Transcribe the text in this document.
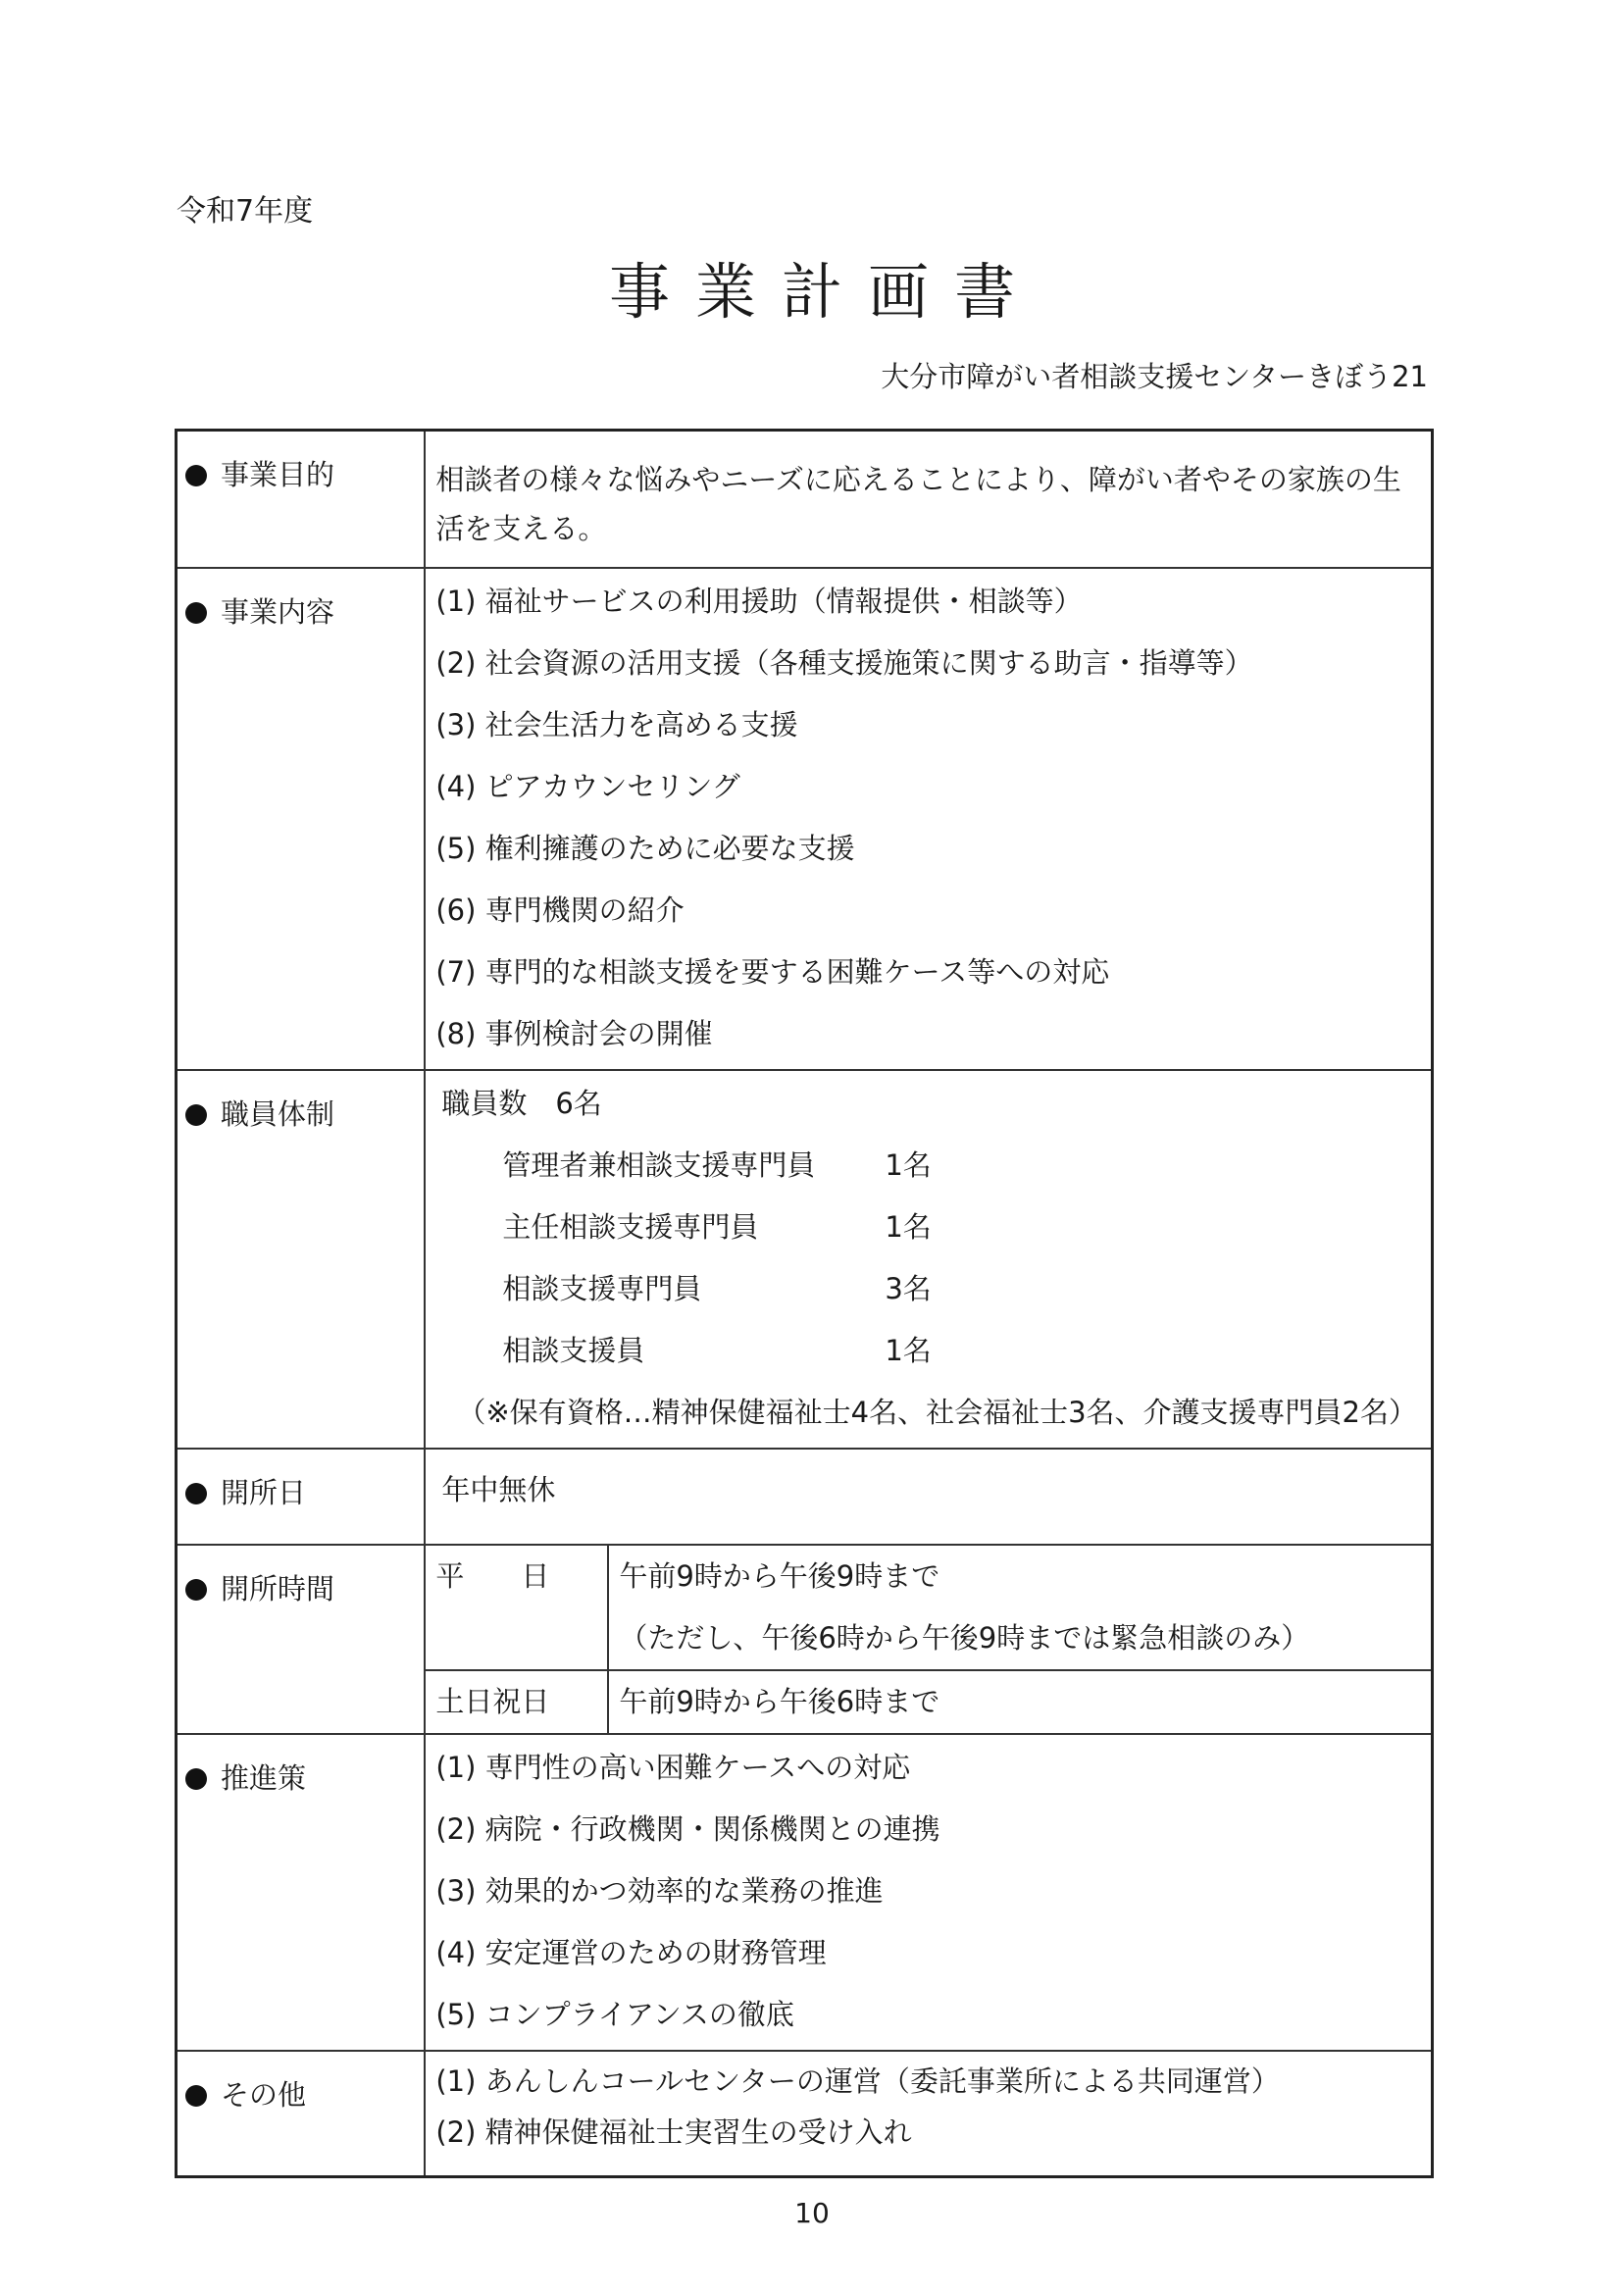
令和7年度
事業計画書
大分市障がい者相談支援センターきぼう21
事業目的	相談者の様々な悩みやニーズに応えることにより、障がい者やその家族の生活を支える。

事業内容	(1) 福祉サービスの利用援助（情報提供・相談等）
(2) 社会資源の活用支援（各種支援施策に関する助言・指導等）
(3) 社会生活力を高める支援
(4) ピアカウンセリング
(5) 権利擁護のために必要な支援
(6) 専門機関の紹介
(7) 専門的な相談支援を要する困難ケース等への対応
(8) 事例検討会の開催

職員体制	職員数　6名
管理者兼相談支援専門員 1名
主任相談支援専門員	1名
相談支援専門員	3名
相談支援員	1名
（※保有資格…精神保健福祉士4名、社会福祉士3名、介護支援専門員2名）

開所日	年中無休

開所時間		平　　日	午前9時から午後9時まで
（ただし、午後6時から午後9時までは緊急相談のみ）

土日祝日	午前9時から午後6時まで

推進策	(1) 専門性の高い困難ケースへの対応
(2) 病院・行政機関・関係機関との連携
(3) 効果的かつ効率的な業務の推進
(4) 安定運営のための財務管理
(5) コンプライアンスの徹底

その他	(1) あんしんコールセンターの運営（委託事業所による共同運営）
(2) 精神保健福祉士実習生の受け入れ
10
